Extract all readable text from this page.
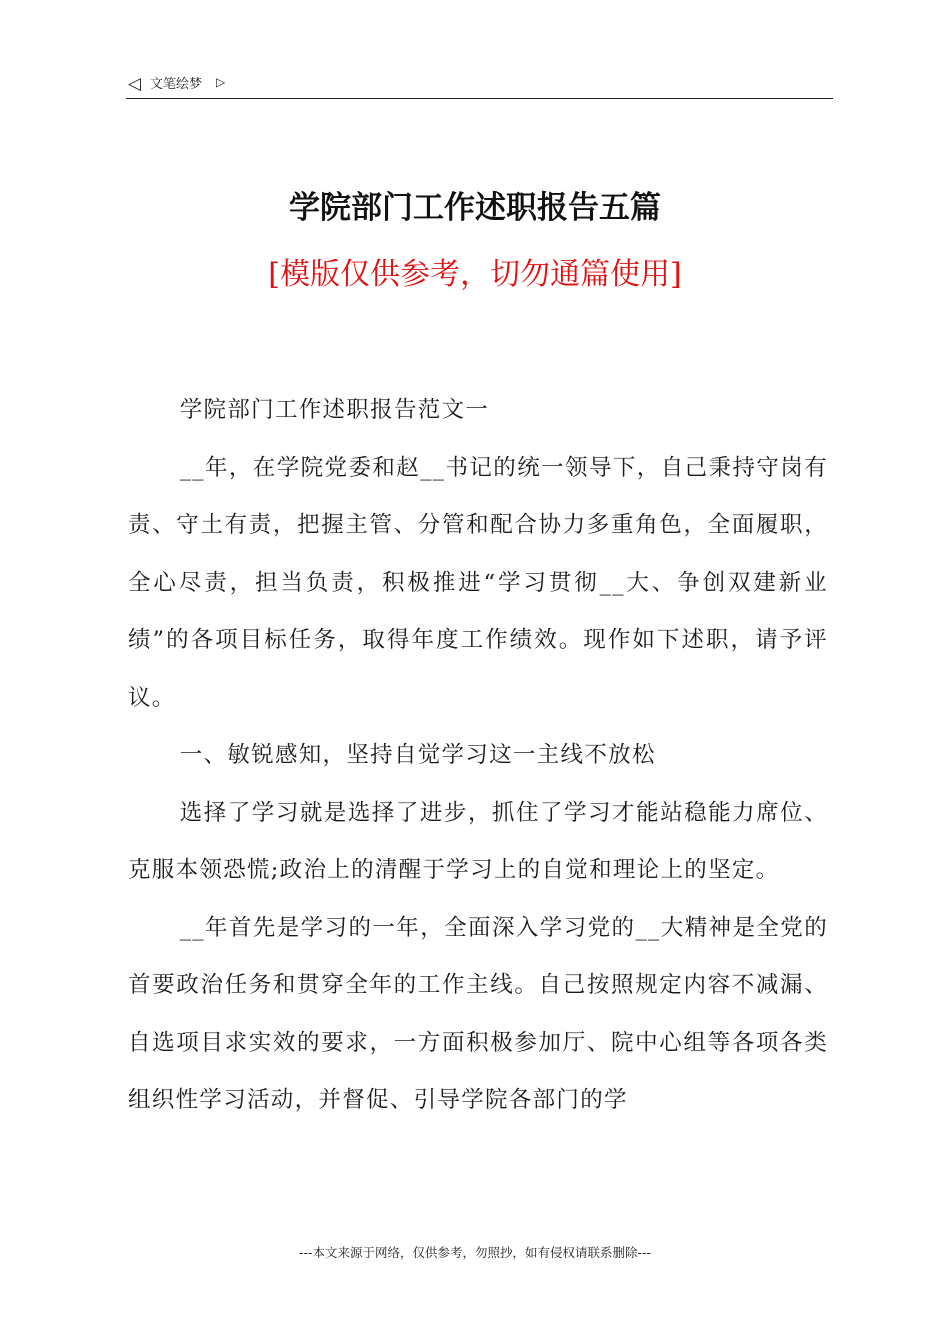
◁ 文笔绘梦 ▷
学院部门工作述职报告五篇
[模版仅供参考，切勿通篇使用]

学院部门工作述职报告范文一

__年，在学院党委和赵__书记的统一领导下，自己秉持守岗有责、守土有责，把握主管、分管和配合协力多重角色，全面履职，全心尽责，担当负责，积极推进“学习贯彻__大、争创双建新业绩”的各项目标任务，取得年度工作绩效。现作如下述职，请予评议。

一、敏锐感知，坚持自觉学习这一主线不放松

选择了学习就是选择了进步，抓住了学习才能站稳能力席位、克服本领恐慌;政治上的清醒于学习上的自觉和理论上的坚定。

__年首先是学习的一年，全面深入学习党的__大精神是全党的首要政治任务和贯穿全年的工作主线。自己按照规定内容不减漏、自选项目求实效的要求，一方面积极参加厅、院中心组等各项各类组织性学习活动，并督促、引导学院各部门的学

---本文来源于网络，仅供参考，勿照抄，如有侵权请联系删除---
